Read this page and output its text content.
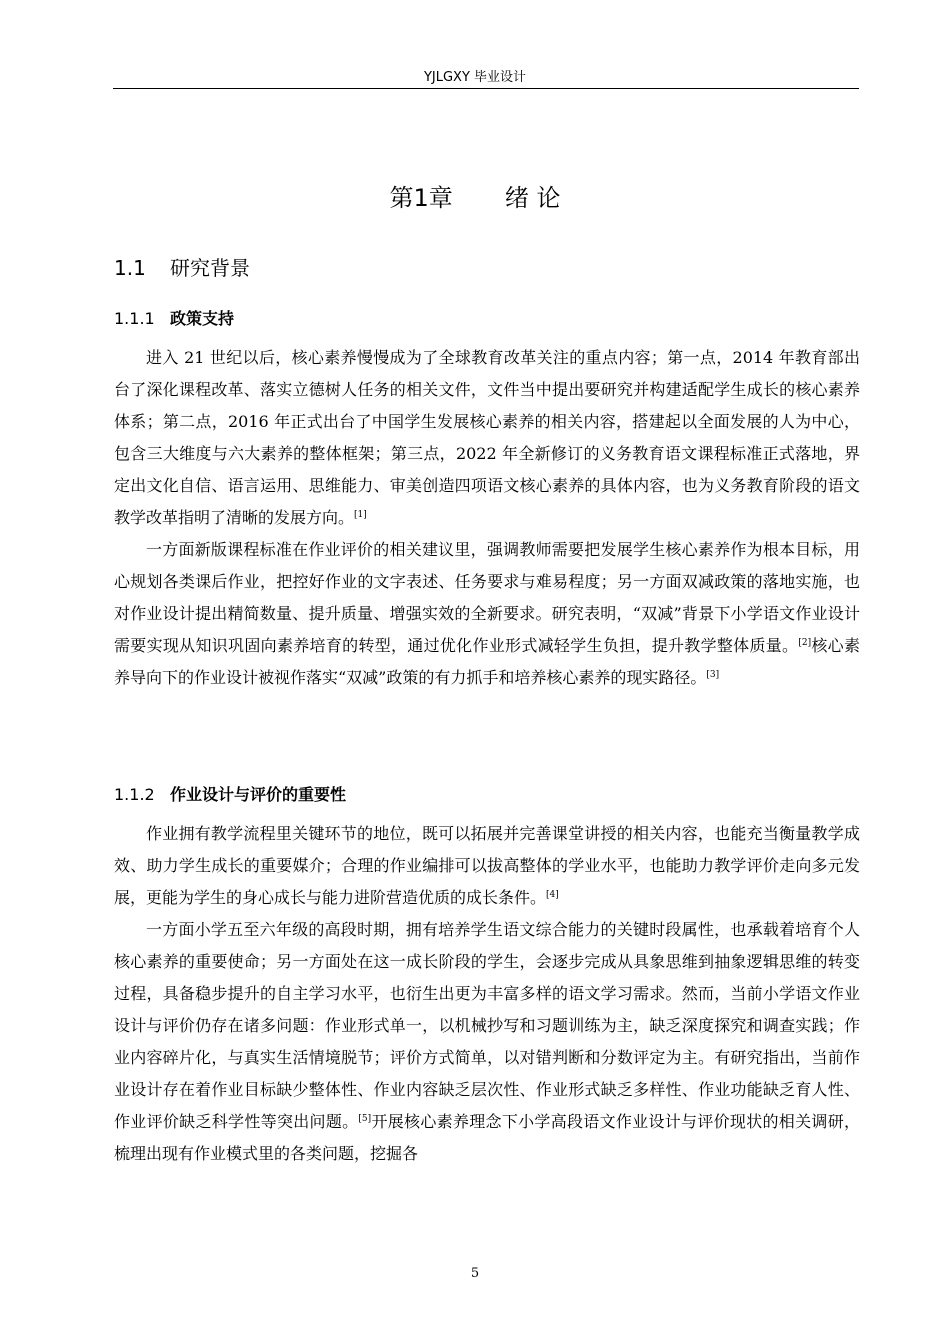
YJLGXY 毕业设计
第1章 绪 论
1.1 研究背景
1.1.1 政策支持

进入 21 世纪以后，核心素养慢慢成为了全球教育改革关注的重点内容；第一点，2014 年教育部出台了深化课程改革、落实立德树人任务的相关文件，文件当中提出要研究并构建适配学生成长的核心素养体系；第二点，2016 年正式出台了中国学生发展核心素养的相关内容，搭建起以全面发展的人为中心，包含三大维度与六大素养的整体框架；第三点，2022 年全新修订的义务教育语文课程标准正式落地，界定出文化自信、语言运用、思维能力、审美创造四项语文核心素养的具体内容，也为义务教育阶段的语文教学改革指明了清晰的发展方向。[1]

一方面新版课程标准在作业评价的相关建议里，强调教师需要把发展学生核心素养作为根本目标，用心规划各类课后作业，把控好作业的文字表述、任务要求与难易程度；另一方面双减政策的落地实施，也对作业设计提出精简数量、提升质量、增强实效的全新要求。研究表明，“双减”背景下小学语文作业设计需要实现从知识巩固向素养培育的转型，通过优化作业形式减轻学生负担，提升教学整体质量。[2]核心素养导向下的作业设计被视作落实“双减”政策的有力抓手和培养核心素养的现实路径。[3]

1.1.2 作业设计与评价的重要性

作业拥有教学流程里关键环节的地位，既可以拓展并完善课堂讲授的相关内容，也能充当衡量教学成效、助力学生成长的重要媒介；合理的作业编排可以拔高整体的学业水平，也能助力教学评价走向多元发展，更能为学生的身心成长与能力进阶营造优质的成长条件。[4]

一方面小学五至六年级的高段时期，拥有培养学生语文综合能力的关键时段属性，也承载着培育个人核心素养的重要使命；另一方面处在这一成长阶段的学生，会逐步完成从具象思维到抽象逻辑思维的转变过程，具备稳步提升的自主学习水平，也衍生出更为丰富多样的语文学习需求。然而，当前小学语文作业设计与评价仍存在诸多问题：作业形式单一，以机械抄写和习题训练为主，缺乏深度探究和调查实践；作业内容碎片化，与真实生活情境脱节；评价方式简单，以对错判断和分数评定为主。有研究指出，当前作业设计存在着作业目标缺少整体性、作业内容缺乏层次性、作业形式缺乏多样性、作业功能缺乏育人性、作业评价缺乏科学性等突出问题。[5]开展核心素养理念下小学高段语文作业设计与评价现状的相关调研，梳理出现有作业模式里的各类问题，挖掘各

5
